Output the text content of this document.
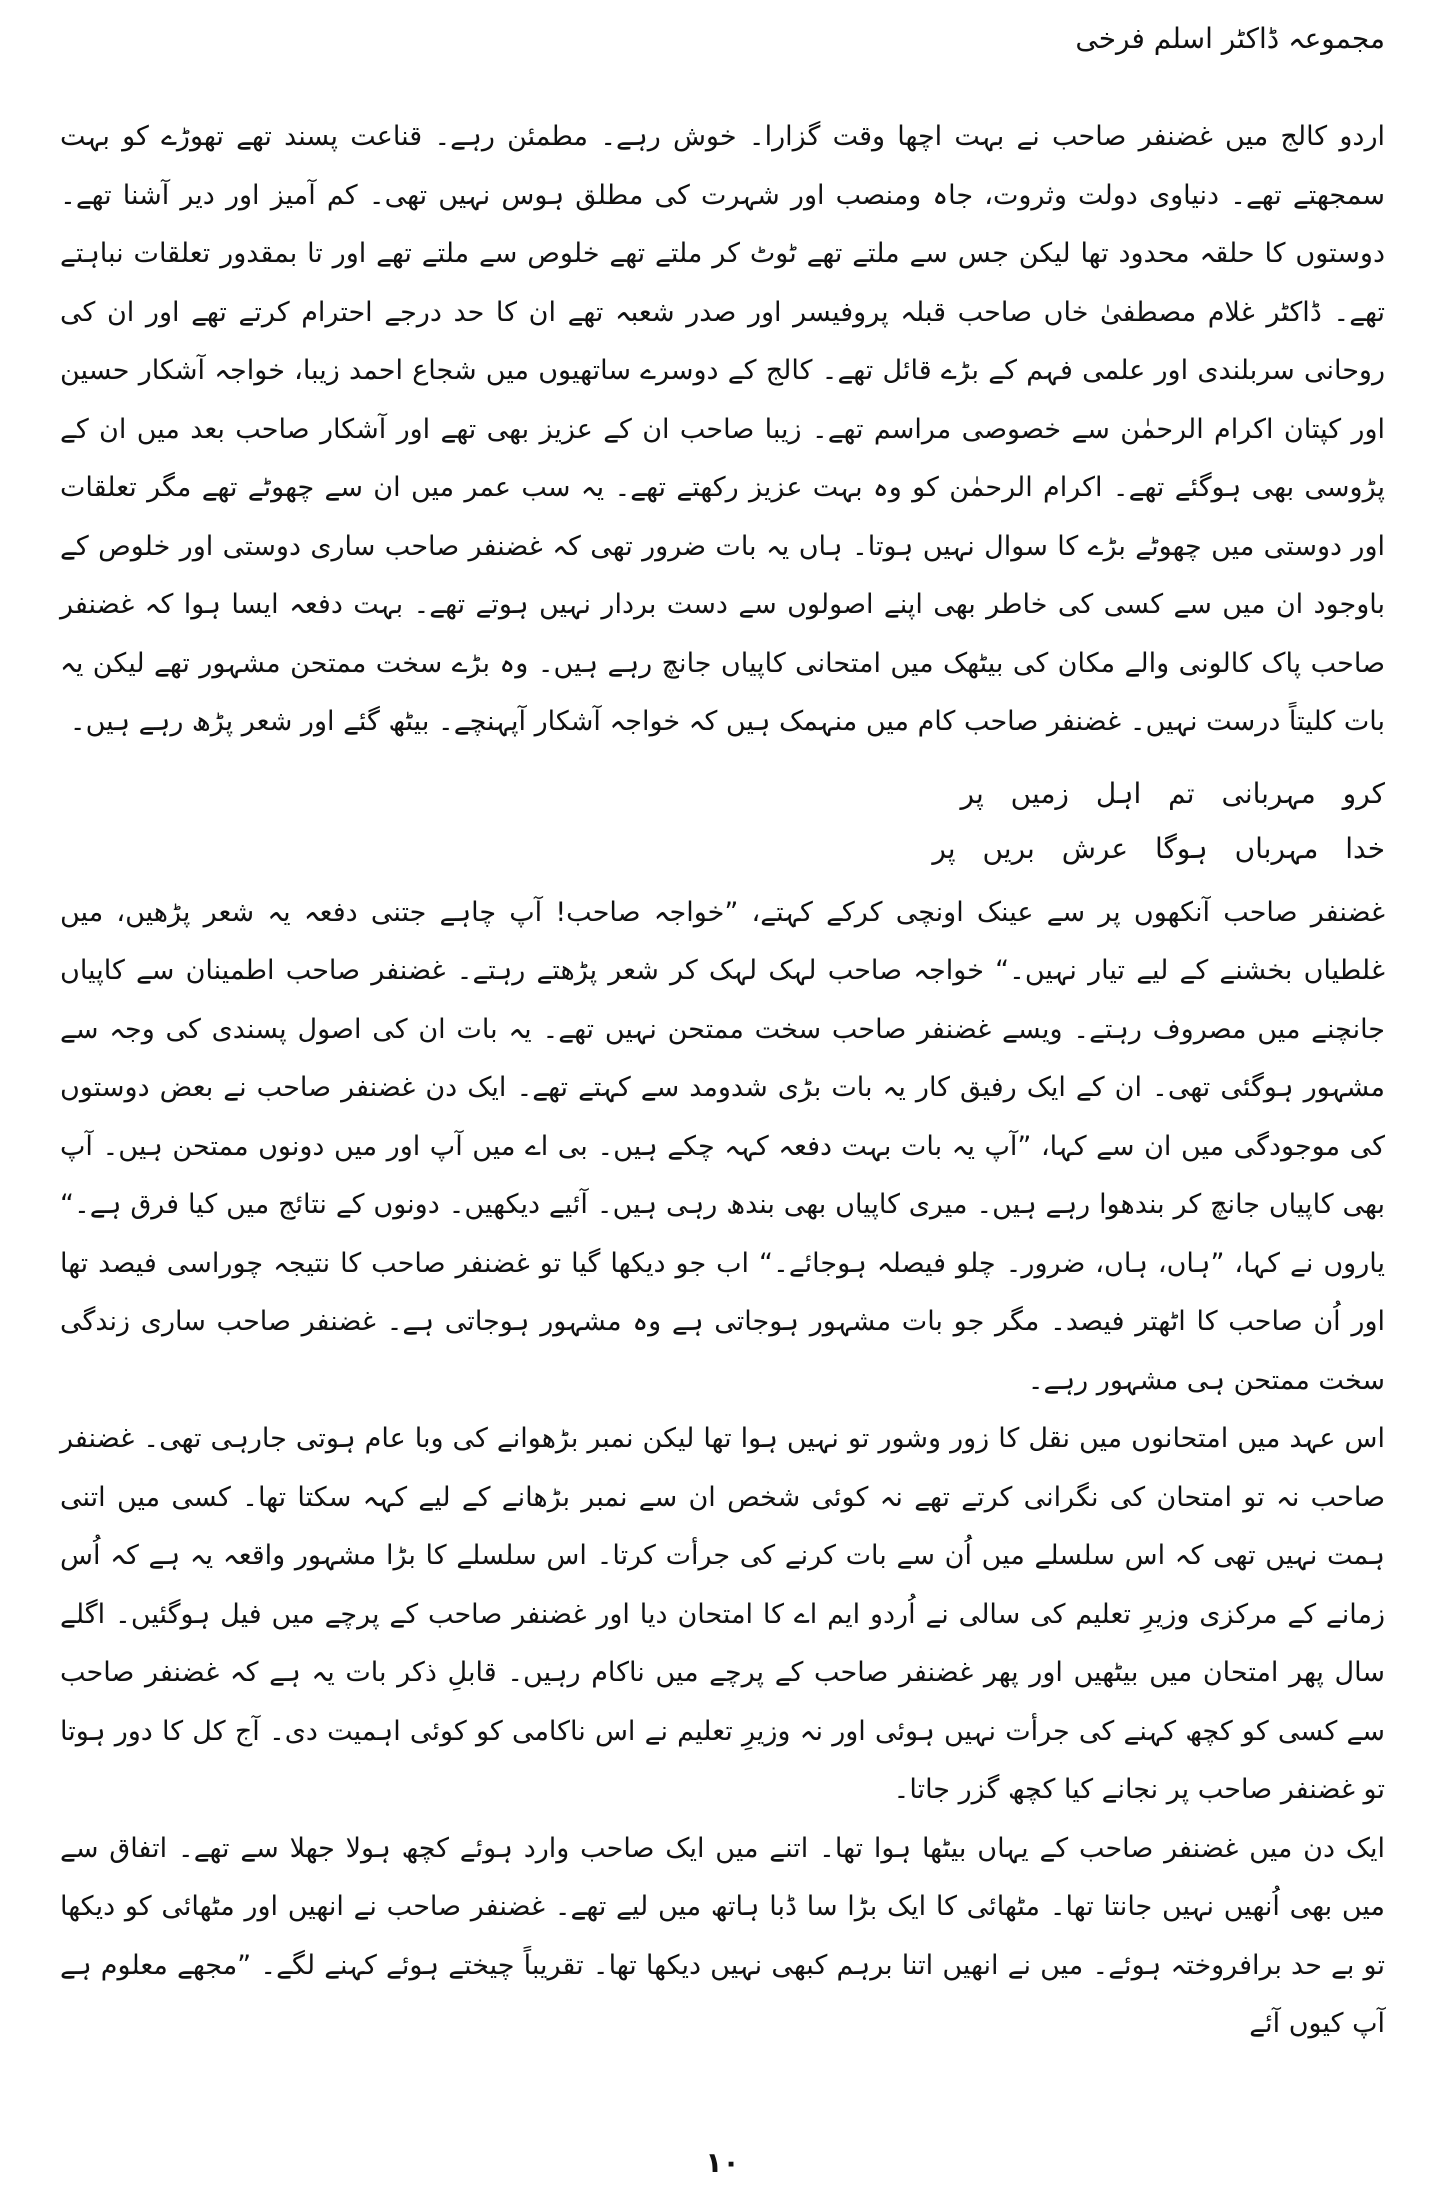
مجموعہ ڈاکٹر اسلم فرخی

اردو کالج میں غضنفر صاحب نے بہت اچھا وقت گزارا۔ خوش رہے۔ مطمئن رہے۔ قناعت پسند تھے تھوڑے کو بہت سمجھتے تھے۔ دنیاوی دولت وثروت، جاہ ومنصب اور شہرت کی مطلق ہوس نہیں تھی۔ کم آمیز اور دیر آشنا تھے۔ دوستوں کا حلقہ محدود تھا لیکن جس سے ملتے تھے ٹوٹ کر ملتے تھے خلوص سے ملتے تھے اور تا بمقدور تعلقات نباہتے تھے۔ ڈاکٹر غلام مصطفیٰ خاں صاحب قبلہ پروفیسر اور صدر شعبہ تھے ان کا حد درجے احترام کرتے تھے اور ان کی روحانی سربلندی اور علمی فہم کے بڑے قائل تھے۔ کالج کے دوسرے ساتھیوں میں شجاع احمد زیبا، خواجہ آشکار حسین اور کپتان اکرام الرحمٰن سے خصوصی مراسم تھے۔ زیبا صاحب ان کے عزیز بھی تھے اور آشکار صاحب بعد میں ان کے پڑوسی بھی ہوگئے تھے۔ اکرام الرحمٰن کو وہ بہت عزیز رکھتے تھے۔ یہ سب عمر میں ان سے چھوٹے تھے مگر تعلقات اور دوستی میں چھوٹے بڑے کا سوال نہیں ہوتا۔ ہاں یہ بات ضرور تھی کہ غضنفر صاحب ساری دوستی اور خلوص کے باوجود ان میں سے کسی کی خاطر بھی اپنے اصولوں سے دست بردار نہیں ہوتے تھے۔ بہت دفعہ ایسا ہوا کہ غضنفر صاحب پاک کالونی والے مکان کی بیٹھک میں امتحانی کاپیاں جانچ رہے ہیں۔ وہ بڑے سخت ممتحن مشہور تھے لیکن یہ بات کلیتاً درست نہیں۔ غضنفر صاحب کام میں منہمک ہیں کہ خواجہ آشکار آپہنچے۔ بیٹھ گئے اور شعر پڑھ رہے ہیں۔

کرو مہربانی تم اہل زمیں پر
خدا مہرباں ہوگا عرش بریں پر

غضنفر صاحب آنکھوں پر سے عینک اونچی کرکے کہتے، ”خواجہ صاحب! آپ چاہے جتنی دفعہ یہ شعر پڑھیں، میں غلطیاں بخشنے کے لیے تیار نہیں۔“ خواجہ صاحب لہک لہک کر شعر پڑھتے رہتے۔ غضنفر صاحب اطمینان سے کاپیاں جانچنے میں مصروف رہتے۔ ویسے غضنفر صاحب سخت ممتحن نہیں تھے۔ یہ بات ان کی اصول پسندی کی وجہ سے مشہور ہوگئی تھی۔ ان کے ایک رفیق کار یہ بات بڑی شدومد سے کہتے تھے۔ ایک دن غضنفر صاحب نے بعض دوستوں کی موجودگی میں ان سے کہا، ”آپ یہ بات بہت دفعہ کہہ چکے ہیں۔ بی اے میں آپ اور میں دونوں ممتحن ہیں۔ آپ بھی کاپیاں جانچ کر بندھوا رہے ہیں۔ میری کاپیاں بھی بندھ رہی ہیں۔ آئیے دیکھیں۔ دونوں کے نتائج میں کیا فرق ہے۔“ یاروں نے کہا، ”ہاں، ہاں، ضرور۔ چلو فیصلہ ہوجائے۔“ اب جو دیکھا گیا تو غضنفر صاحب کا نتیجہ چوراسی فیصد تھا اور اُن صاحب کا اٹھتر فیصد۔ مگر جو بات مشہور ہوجاتی ہے وہ مشہور ہوجاتی ہے۔ غضنفر صاحب ساری زندگی سخت ممتحن ہی مشہور رہے۔

اس عہد میں امتحانوں میں نقل کا زور وشور تو نہیں ہوا تھا لیکن نمبر بڑھوانے کی وبا عام ہوتی جارہی تھی۔ غضنفر صاحب نہ تو امتحان کی نگرانی کرتے تھے نہ کوئی شخص ان سے نمبر بڑھانے کے لیے کہہ سکتا تھا۔ کسی میں اتنی ہمت نہیں تھی کہ اس سلسلے میں اُن سے بات کرنے کی جرأت کرتا۔ اس سلسلے کا بڑا مشہور واقعہ یہ ہے کہ اُس زمانے کے مرکزی وزیرِ تعلیم کی سالی نے اُردو ایم اے کا امتحان دیا اور غضنفر صاحب کے پرچے میں فیل ہوگئیں۔ اگلے سال پھر امتحان میں بیٹھیں اور پھر غضنفر صاحب کے پرچے میں ناکام رہیں۔ قابلِ ذکر بات یہ ہے کہ غضنفر صاحب سے کسی کو کچھ کہنے کی جرأت نہیں ہوئی اور نہ وزیرِ تعلیم نے اس ناکامی کو کوئی اہمیت دی۔ آج کل کا دور ہوتا تو غضنفر صاحب پر نجانے کیا کچھ گزر جاتا۔

ایک دن میں غضنفر صاحب کے یہاں بیٹھا ہوا تھا۔ اتنے میں ایک صاحب وارد ہوئے کچھ ہولا جھلا سے تھے۔ اتفاق سے میں بھی اُنھیں نہیں جانتا تھا۔ مٹھائی کا ایک بڑا سا ڈبا ہاتھ میں لیے تھے۔ غضنفر صاحب نے انھیں اور مٹھائی کو دیکھا تو بے حد برافروختہ ہوئے۔ میں نے انھیں اتنا برہم کبھی نہیں دیکھا تھا۔ تقریباً چیختے ہوئے کہنے لگے۔ ”مجھے معلوم ہے آپ کیوں آئے

۱۰
